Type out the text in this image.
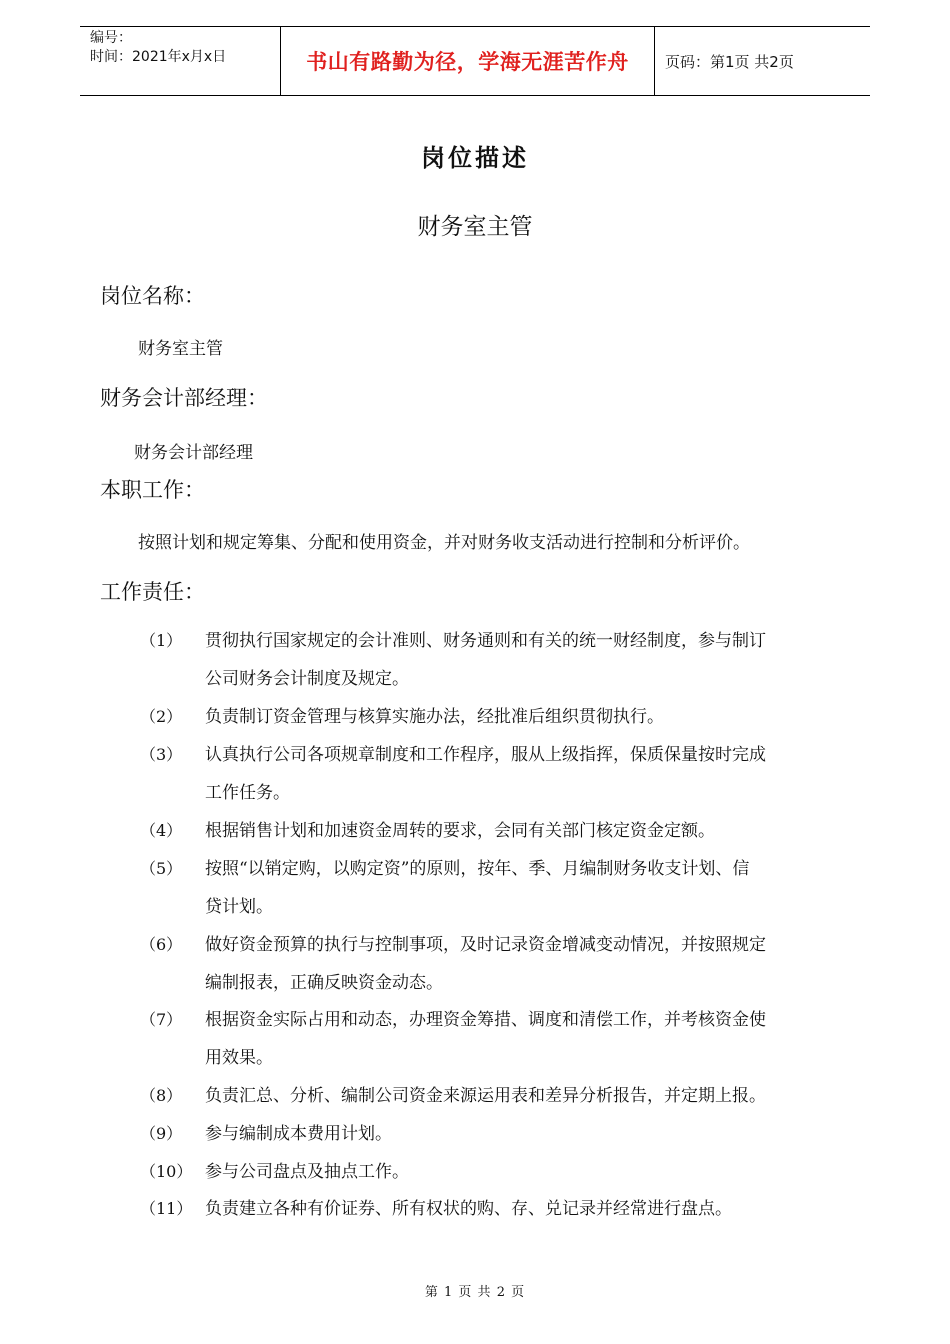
编号：
时间：2021年x月x日	书山有路勤为径，学海无涯苦作舟	页码：第1页 共2页
岗位描述
财务室主管
岗位名称：
财务室主管
财务会计部经理：
财务会计部经理
本职工作：
按照计划和规定筹集、分配和使用资金，并对财务收支活动进行控制和分析评价。
工作责任：
（1） 贯彻执行国家规定的会计准则、财务通则和有关的统一财经制度，参与制订
公司财务会计制度及规定。
（2） 负责制订资金管理与核算实施办法，经批准后组织贯彻执行。
（3） 认真执行公司各项规章制度和工作程序，服从上级指挥，保质保量按时完成
工作任务。
（4） 根据销售计划和加速资金周转的要求，会同有关部门核定资金定额。
（5） 按照“以销定购，以购定资”的原则，按年、季、月编制财务收支计划、信
贷计划。
（6） 做好资金预算的执行与控制事项，及时记录资金增减变动情况，并按照规定
编制报表，正确反映资金动态。
（7） 根据资金实际占用和动态，办理资金筹措、调度和清偿工作，并考核资金使
用效果。
（8） 负责汇总、分析、编制公司资金来源运用表和差异分析报告，并定期上报。
（9） 参与编制成本费用计划。
（10） 参与公司盘点及抽点工作。
（11） 负责建立各种有价证券、所有权状的购、存、兑记录并经常进行盘点。
第 1 页 共 2 页
